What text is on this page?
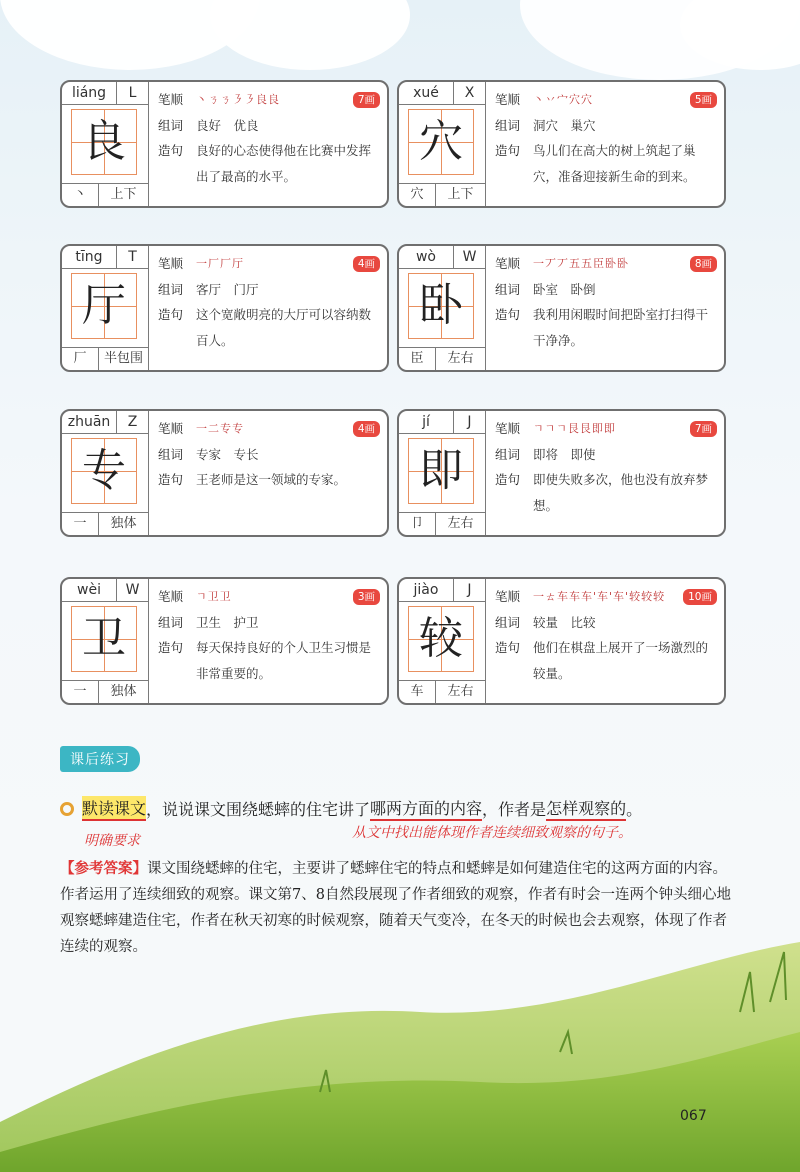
liáng	L
良
丶	上下
笔顺	丶ㄋㄋ㇋㇋良良	7画
组词	良好　优良
造句	良好的心态使得他在比赛中发挥出了最高的水平。
xué	X
穴
穴	上下
笔顺	丶丷宀穴穴	5画
组词	洞穴　巢穴
造句	鸟儿们在高大的树上筑起了巢穴，准备迎接新生命的到来。
tīng	T
厅
厂	半包围
笔顺	一厂厂厅	4画
组词	客厅　门厅
造句	这个宽敞明亮的大厅可以容纳数百人。
wò	W
卧
臣	左右
笔顺	一丆丆五五臣卧卧	8画
组词	卧室　卧倒
造句	我利用闲暇时间把卧室打扫得干干净净。
zhuān	Z
专
一	独体
笔顺	一二专专	4画
组词	专家　专长
造句	王老师是这一领域的专家。
jí	J
即
卩	左右
笔顺	ㄱㄱㄱ艮艮即即	7画
组词	即将　即使
造句	即使失败多次，他也没有放弃梦想。
wèi	W
卫
一	独体
笔顺	ㄱ卫卫	3画
组词	卫生　护卫
造句	每天保持良好的个人卫生习惯是非常重要的。
jiào	J
较
车	左右
笔顺	一ㄊ车车车'车'车'较较较	10画
组词	较量　比较
造句	他们在棋盘上展开了一场激烈的较量。
课后练习
默读课文 ，说说课文围绕蟋蟀的住宅讲了 哪两方面的内容 ，作者是 怎样观察的 。
明确要求	从文中找出能体现作者连续细致观察的句子。
【参考答案】课文围绕蟋蟀的住宅，主要讲了蟋蟀住宅的特点和蟋蟀是如何建造住宅的这两方面的内容。作者运用了连续细致的观察。课文第7、8自然段展现了作者细致的观察，作者有时会一连两个钟头细心地观察蟋蟀建造住宅，作者在秋天初寒的时候观察，随着天气变冷，在冬天的时候也会去观察，体现了作者连续的观察。
067
